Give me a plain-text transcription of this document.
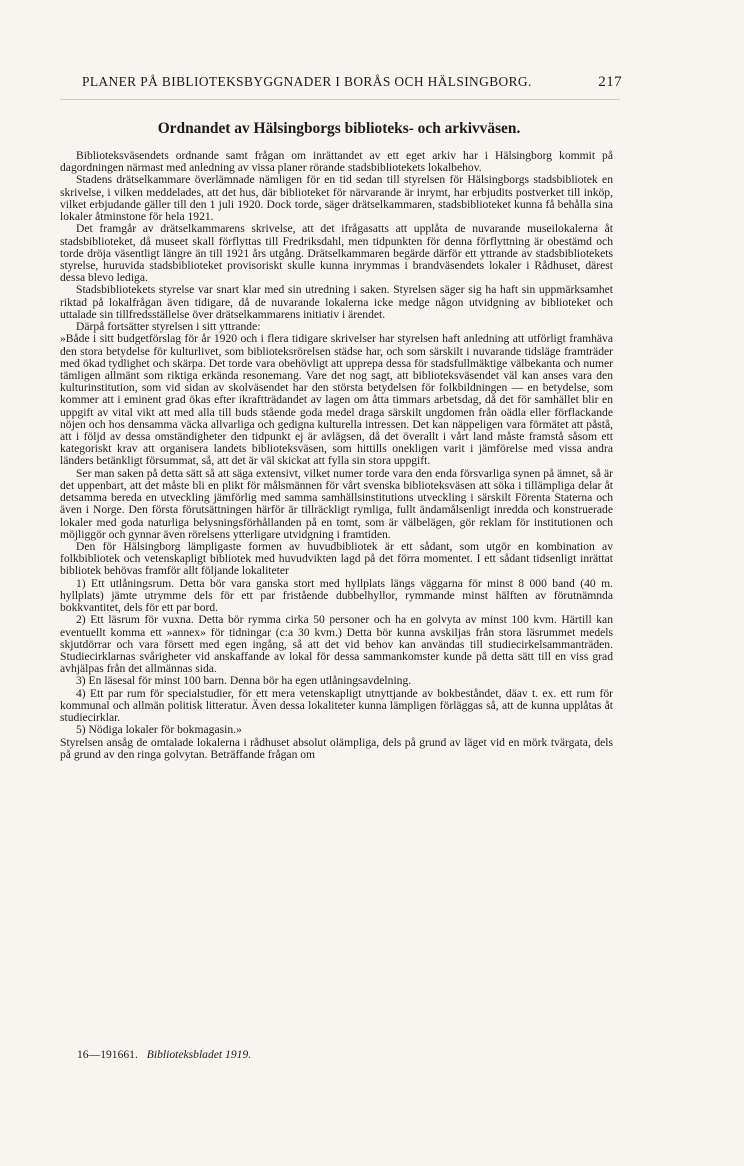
PLANER PÅ BIBLIOTEKSBYGGNADER I BORÅS OCH HÄLSINGBORG.	217
Ordnandet av Hälsingborgs biblioteks- och arkivväsen.

Biblioteksväsendets ordnande samt frågan om inrättandet av ett eget arkiv har i Hälsingborg kommit på dagordningen närmast med anledning av vissa planer rörande stadsbibliotekets lokalbehov.

Stadens drätselkammare överlämnade nämligen för en tid sedan till styrelsen för Hälsingborgs stadsbibliotek en skrivelse, i vilken meddelades, att det hus, där biblioteket för närvarande är inrymt, har erbjudits postverket till inköp, vilket erbjudande gäller till den 1 juli 1920. Dock torde, säger drätselkammaren, stadsbiblioteket kunna få behålla sina lokaler åtminstone för hela 1921.

Det framgår av drätselkammarens skrivelse, att det ifrågasatts att upplåta de nuvarande museilokalerna åt stadsbiblioteket, då museet skall förflyttas till Fredriksdahl, men tidpunkten för denna förflyttning är obestämd och torde dröja väsentligt längre än till 1921 års utgång. Drätselkammaren begärde därför ett yttrande av stadsbibliotekets styrelse, huruvida stadsbiblioteket provisoriskt skulle kunna inrymmas i brandväsendets lokaler i Rådhuset, därest dessa blevo lediga.

Stadsbibliotekets styrelse var snart klar med sin utredning i saken. Styrelsen säger sig ha haft sin uppmärksamhet riktad på lokalfrågan även tidigare, då de nuvarande lokalerna icke medge någon utvidgning av biblioteket och uttalade sin tillfredsställelse över drätselkammarens initiativ i ärendet.

Därpå fortsätter styrelsen i sitt yttrande:

»Både i sitt budgetförslag för år 1920 och i flera tidigare skrivelser har styrelsen haft anledning att utförligt framhäva den stora betydelse för kulturlivet, som biblioteksrörelsen städse har, och som särskilt i nuvarande tidsläge framträder med ökad tydlighet och skärpa. Det torde vara obehövligt att upprepa dessa för stadsfullmäktige välbekanta och numer tämligen allmänt som riktiga erkända resonemang. Vare det nog sagt, att biblioteksväsendet väl kan anses vara den kulturinstitution, som vid sidan av skolväsendet har den största betydelsen för folkbildningen — en betydelse, som kommer att i eminent grad ökas efter ikraftträdandet av lagen om åtta timmars arbetsdag, då det för samhället blir en uppgift av vital vikt att med alla till buds stående goda medel draga särskilt ungdomen från oädla eller förflackande nöjen och hos densamma väcka allvarliga och gedigna kulturella intressen. Det kan näppeligen vara förmätet att påstå, att i följd av dessa omständigheter den tidpunkt ej är avlägsen, då det överallt i vårt land måste framstå såsom ett kategoriskt krav att organisera landets biblioteksväsen, som hittills onekligen varit i jämförelse med vissa andra länders betänkligt försummat, så, att det är väl skickat att fylla sin stora uppgift.

Ser man saken på detta sätt så att säga extensivt, vilket numer torde vara den enda försvarliga synen på ämnet, så är det uppenbart, att det måste bli en plikt för målsmännen för vårt svenska biblioteksväsen att söka i tillämpliga delar åt detsamma bereda en utveckling jämförlig med samma samhällsinstitutions utveckling i särskilt Förenta Staterna och även i Norge. Den första förutsättningen härför är tillräckligt rymliga, fullt ändamålsenligt inredda och konstruerade lokaler med goda naturliga belysningsförhållanden på en tomt, som är välbelägen, gör reklam för institutionen och möjliggör och gynnar även rörelsens ytterligare utvidgning i framtiden.

Den för Hälsingborg lämpligaste formen av huvudbibliotek är ett sådant, som utgör en kombination av folkbibliotek och vetenskapligt bibliotek med huvudvikten lagd på det förra momentet. I ett sådant tidsenligt inrättat bibliotek behövas framför allt följande lokaliteter

1) Ett utlåningsrum. Detta bör vara ganska stort med hyllplats längs väggarna för minst 8 000 band (40 m. hyllplats) jämte utrymme dels för ett par fristående dubbelhyllor, rymmande minst hälften av förutnämnda bokkvantitet, dels för ett par bord.

2) Ett läsrum för vuxna. Detta bör rymma cirka 50 personer och ha en golvyta av minst 100 kvm. Härtill kan eventuellt komma ett »annex» för tidningar (c:a 30 kvm.) Detta bör kunna avskiljas från stora läsrummet medels skjutdörrar och vara försett med egen ingång, så att det vid behov kan användas till studiecirkelsammanträden. Studiecirklarnas svårigheter vid anskaffande av lokal för dessa sammankomster kunde på detta sätt till en viss grad avhjälpas från det allmännas sida.

3) En läsesal för minst 100 barn. Denna bör ha egen utlåningsavdelning.

4) Ett par rum för specialstudier, för ett mera vetenskapligt utnyttjande av bokbeståndet, däav t. ex. ett rum för kommunal och allmän politisk litteratur. Även dessa lokaliteter kunna lämpligen förläggas så, att de kunna upplåtas åt studiecirklar.

5) Nödiga lokaler för bokmagasin.»

Styrelsen ansåg de omtalade lokalerna i rådhuset absolut olämpliga, dels på grund av läget vid en mörk tvärgata, dels på grund av den ringa golvytan. Beträffande frågan om

16—191661. Biblioteksbladet 1919.
